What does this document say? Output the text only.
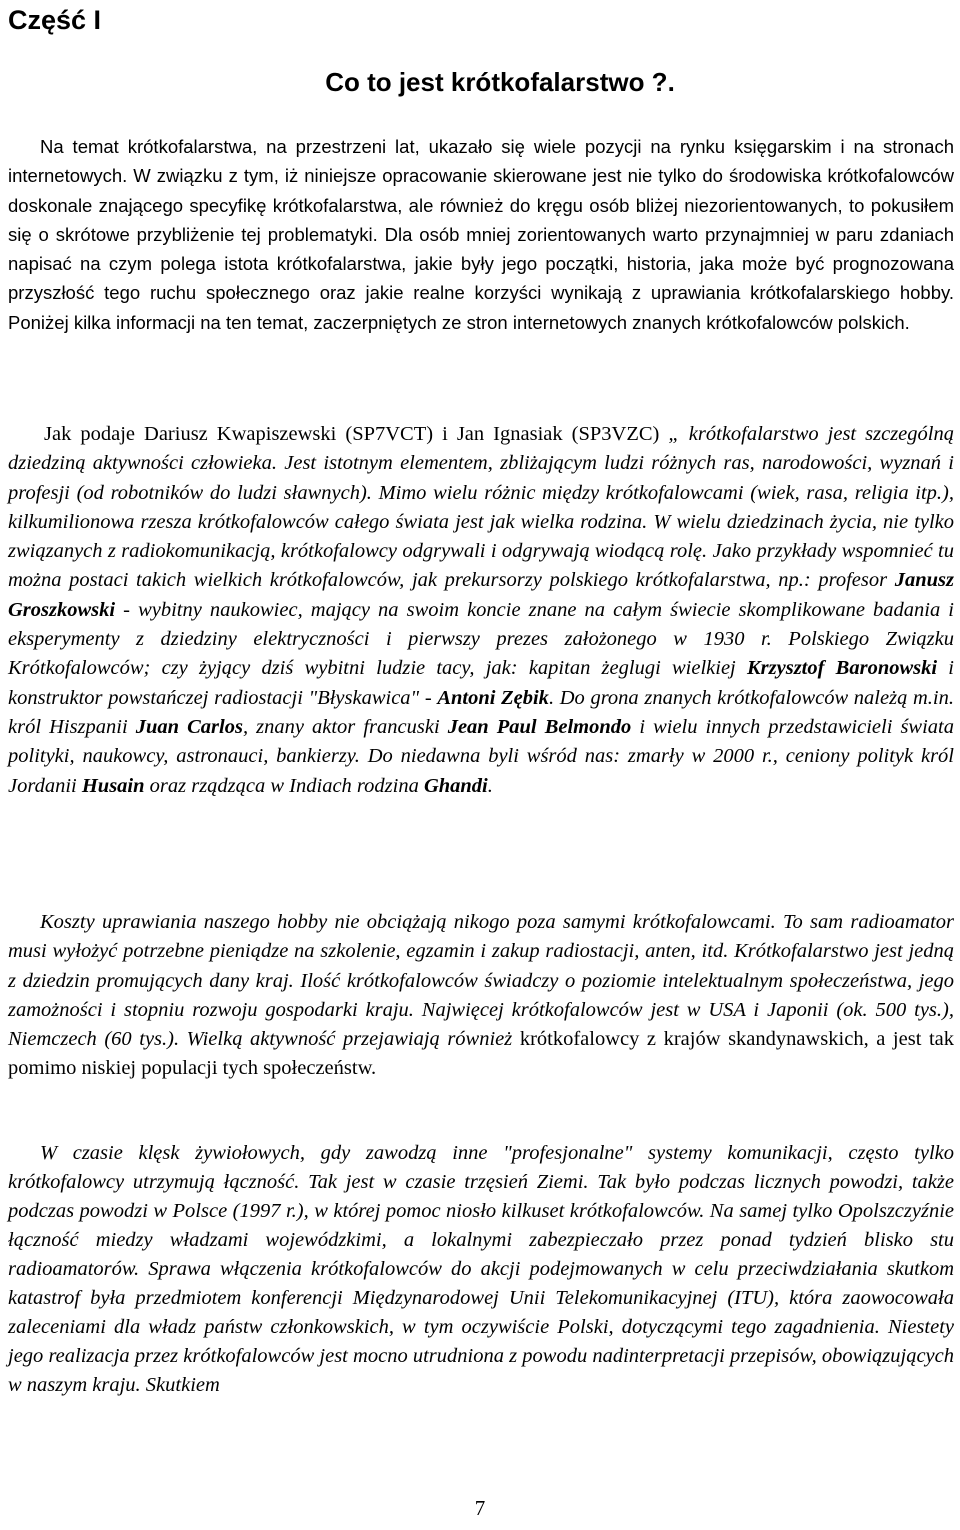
Część I
Co to jest krótkofalarstwo ?.

Na temat krótkofalarstwa, na przestrzeni lat, ukazało się wiele pozycji na rynku księgarskim i na stronach internetowych. W związku z tym, iż niniejsze opracowanie skierowane jest nie tylko do środowiska krótkofalowców doskonale znającego specyfikę krótkofalarstwa, ale również do kręgu osób bliżej niezorientowanych, to pokusiłem się o skrótowe przybliżenie tej problematyki. Dla osób mniej zorientowanych warto przynajmniej w paru zdaniach napisać na czym polega istota krótkofalarstwa, jakie były jego początki, historia, jaka może być prognozowana przyszłość tego ruchu społecznego oraz jakie realne korzyści wynikają z uprawiania krótkofalarskiego hobby. Poniżej kilka informacji na ten temat, zaczerpniętych ze stron internetowych znanych krótkofalowców polskich.

Jak podaje Dariusz Kwapiszewski (SP7VCT) i Jan Ignasiak (SP3VZC) „ krótkofalarstwo jest szczególną dziedziną aktywności człowieka. Jest istotnym elementem, zbliżającym ludzi różnych ras, narodowości, wyznań i profesji (od robotników do ludzi sławnych). Mimo wielu różnic między krótkofalowcami (wiek, rasa, religia itp.), kilkumilionowa rzesza krótkofalowców całego świata jest jak wielka rodzina. W wielu dziedzinach życia, nie tylko związanych z radiokomunikacją, krótkofalowcy odgrywali i odgrywają wiodącą rolę. Jako przykłady wspomnieć tu można postaci takich wielkich krótkofalowców, jak prekursorzy polskiego krótkofalarstwa, np.: profesor Janusz Groszkowski - wybitny naukowiec, mający na swoim koncie znane na całym świecie skomplikowane badania i eksperymenty z dziedziny elektryczności i pierwszy prezes założonego w 1930 r. Polskiego Związku Krótkofalowców; czy żyjący dziś wybitni ludzie tacy, jak: kapitan żeglugi wielkiej Krzysztof Baronowski i konstruktor powstańczej radiostacji "Błyskawica" - Antoni Zębik. Do grona znanych krótkofalowców należą m.in. król Hiszpanii Juan Carlos, znany aktor francuski Jean Paul Belmondo i wielu innych przedstawicieli świata polityki, naukowcy, astronauci, bankierzy. Do niedawna byli wśród nas: zmarły w 2000 r., ceniony polityk król Jordanii Husain oraz rządząca w Indiach rodzina Ghandi.

Koszty uprawiania naszego hobby nie obciążają nikogo poza samymi krótkofalowcami. To sam radioamator musi wyłożyć potrzebne pieniądze na szkolenie, egzamin i zakup radiostacji, anten, itd. Krótkofalarstwo jest jedną z dziedzin promujących dany kraj. Ilość krótkofalowców świadczy o poziomie intelektualnym społeczeństwa, jego zamożności i stopniu rozwoju gospodarki kraju. Najwięcej krótkofalowców jest w USA i Japonii (ok. 500 tys.), Niemczech (60 tys.). Wielką aktywność przejawiają również krótkofalowcy z krajów skandynawskich, a jest tak pomimo niskiej populacji tych społeczeństw.

W czasie klęsk żywiołowych, gdy zawodzą inne "profesjonalne" systemy komunikacji, często tylko krótkofalowcy utrzymują łączność. Tak jest w czasie trzęsień Ziemi. Tak było podczas licznych powodzi, także podczas powodzi w Polsce (1997 r.), w której pomoc niosło kilkuset krótkofalowców. Na samej tylko Opolszczyźnie łączność miedzy władzami wojewódzkimi, a lokalnymi zabezpieczało przez ponad tydzień blisko stu radioamatorów. Sprawa włączenia krótkofalowców do akcji podejmowanych w celu przeciwdziałania skutkom katastrof była przedmiotem konferencji Międzynarodowej Unii Telekomunikacyjnej (ITU), która zaowocowała zaleceniami dla władz państw członkowskich, w tym oczywiście Polski, dotyczącymi tego zagadnienia. Niestety jego realizacja przez krótkofalowców jest mocno utrudniona z powodu nadinterpretacji przepisów, obowiązujących w naszym kraju. Skutkiem

7
